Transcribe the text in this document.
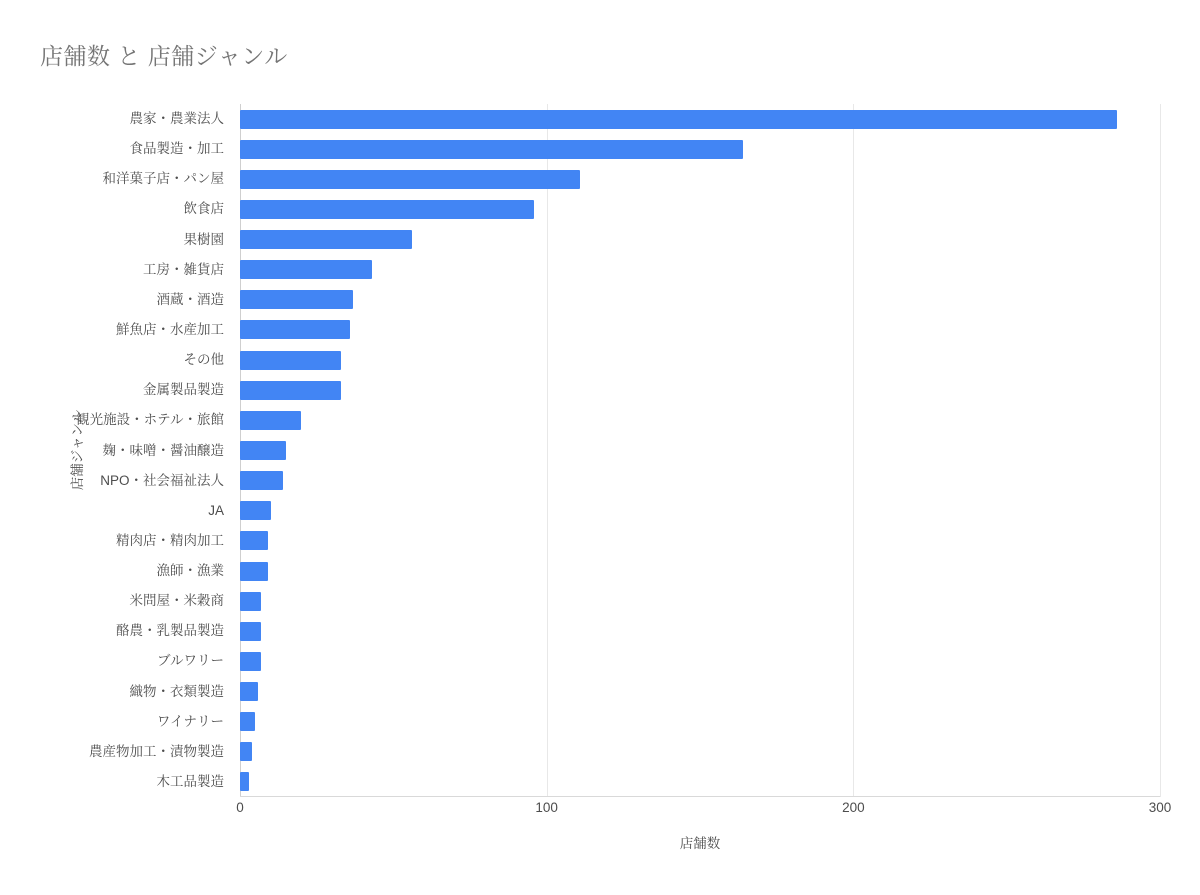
店舗数 と 店舗ジャンル
店舗ジャンル
農家・農業法人
食品製造・加工
和洋菓子店・パン屋
飲食店
果樹園
工房・雑貨店
酒蔵・酒造
鮮魚店・水産加工
その他
金属製品製造
観光施設・ホテル・旅館
麹・味噌・醤油醸造
NPO・社会福祉法人
JA
精肉店・精肉加工
漁師・漁業
米問屋・米穀商
酪農・乳製品製造
ブルワリー
織物・衣類製造
ワイナリー
農産物加工・漬物製造
木工品製造
0	100	200	300
店舗数
